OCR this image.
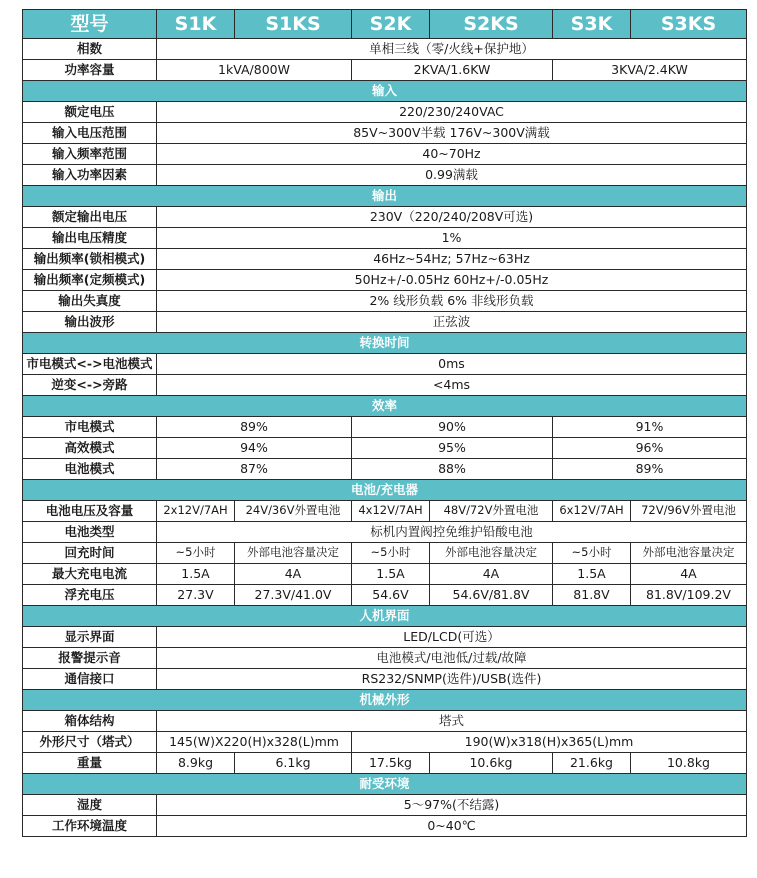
型号	S1K	S1KS	S2K	S2KS	S3K	S3KS
相数	单相三线（零/火线+保护地）					
功率容量	1kVA/800W		2KVA/1.6KW		3KVA/2.4KW	
输入						
额定电压	220/230/240VAC					
输入电压范围	85V~300V半载 176V~300V满载					
输入频率范围	40~70Hz					
输入功率因素	0.99满载					
输出						
额定输出电压	230V（220/240/208V可选)					
输出电压精度	1%					
输出频率(锁相模式)	46Hz~54Hz; 57Hz~63Hz					
输出频率(定频模式)	50Hz+/-0.05Hz 60Hz+/-0.05Hz					
输出失真度	2% 线形负载 6% 非线形负载					
输出波形	正弦波					
转换时间						
市电模式<->电池模式	0ms					
逆变<->旁路	<4ms					
效率						
市电模式	89%		90%		91%	
高效模式	94%		95%		96%	
电池模式	87%		88%		89%	
电池/充电器						
电池电压及容量	2x12V/7AH	24V/36V外置电池	4x12V/7AH	48V/72V外置电池	6x12V/7AH	72V/96V外置电池
电池类型	标机内置阀控免维护铅酸电池					
回充时间	~5小时	外部电池容量决定	~5小时	外部电池容量决定	~5小时	外部电池容量决定
最大充电电流	1.5A	4A	1.5A	4A	1.5A	4A
浮充电压	27.3V	27.3V/41.0V	54.6V	54.6V/81.8V	81.8V	81.8V/109.2V
人机界面						
显示界面	LED/LCD(可选）					
报警提示音	电池模式/电池低/过载/故障					
通信接口	RS232/SNMP(选件)/USB(选件)					
机械外形						
箱体结构	塔式					
外形尺寸（塔式）	145(W)X220(H)x328(L)mm		190(W)x318(H)x365(L)mm			
重量	8.9kg	6.1kg	17.5kg	10.6kg	21.6kg	10.8kg
耐受环境						
湿度	5～97%(不结露)					
工作环境温度	0~40℃					
